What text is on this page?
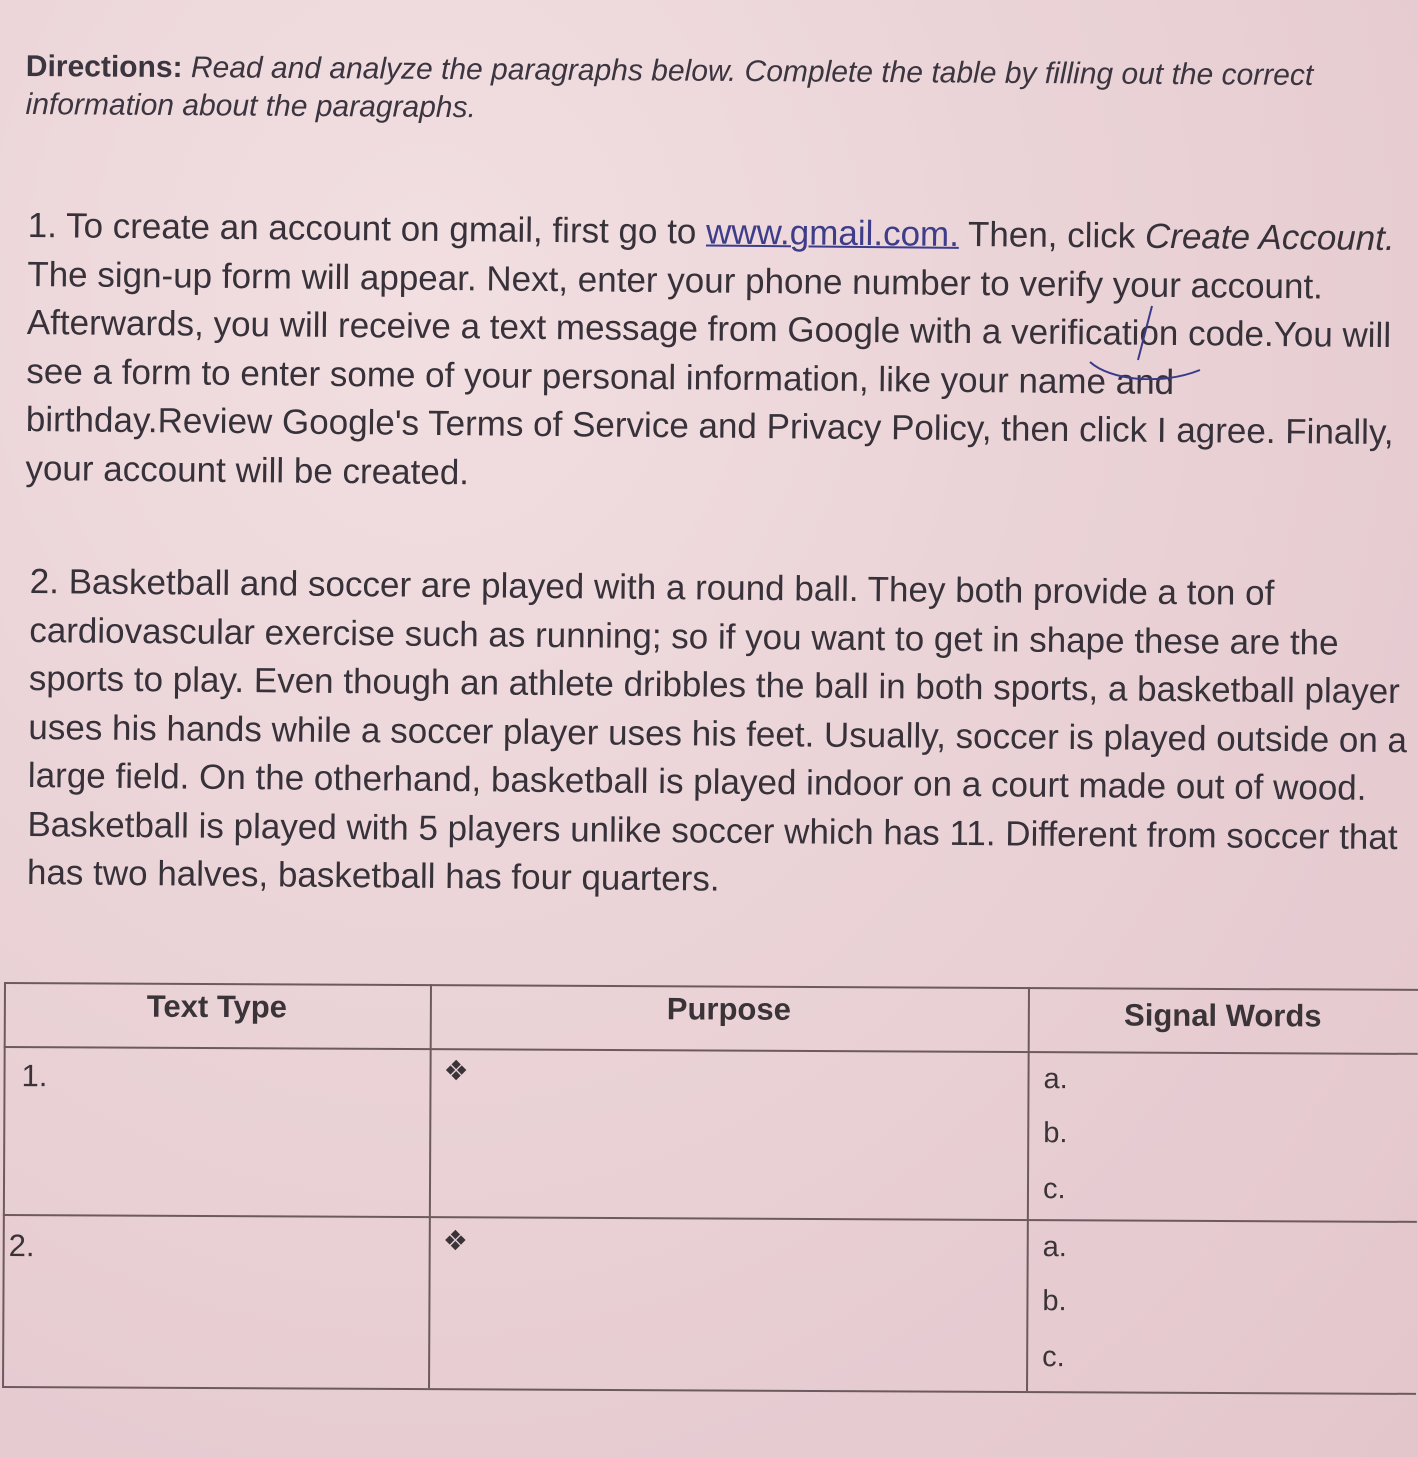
Directions: Read and analyze the paragraphs below. Complete the table by filling out the correct information about the paragraphs.
1. To create an account on gmail, first go to www.gmail.com. Then, click Create Account. The sign-up form will appear. Next, enter your phone number to verify your account. Afterwards, you will receive a text message from Google with a verification code.You will see a form to enter some of your personal information, like your name and birthday.Review Google's Terms of Service and Privacy Policy, then click I agree. Finally, your account will be created.
2. Basketball and soccer are played with a round ball. They both provide a ton of cardiovascular exercise such as running; so if you want to get in shape these are the sports to play. Even though an athlete dribbles the ball in both sports, a basketball player uses his hands while a soccer player uses his feet. Usually, soccer is played outside on a large field. On the otherhand, basketball is played indoor on a court made out of wood. Basketball is played with 5 players unlike soccer which has 11. Different from soccer that has two halves, basketball has four quarters.
Text Type	Purpose	Signal Words
1.	❖	a.
b.
c.
2.	❖	a.
b.
c.
